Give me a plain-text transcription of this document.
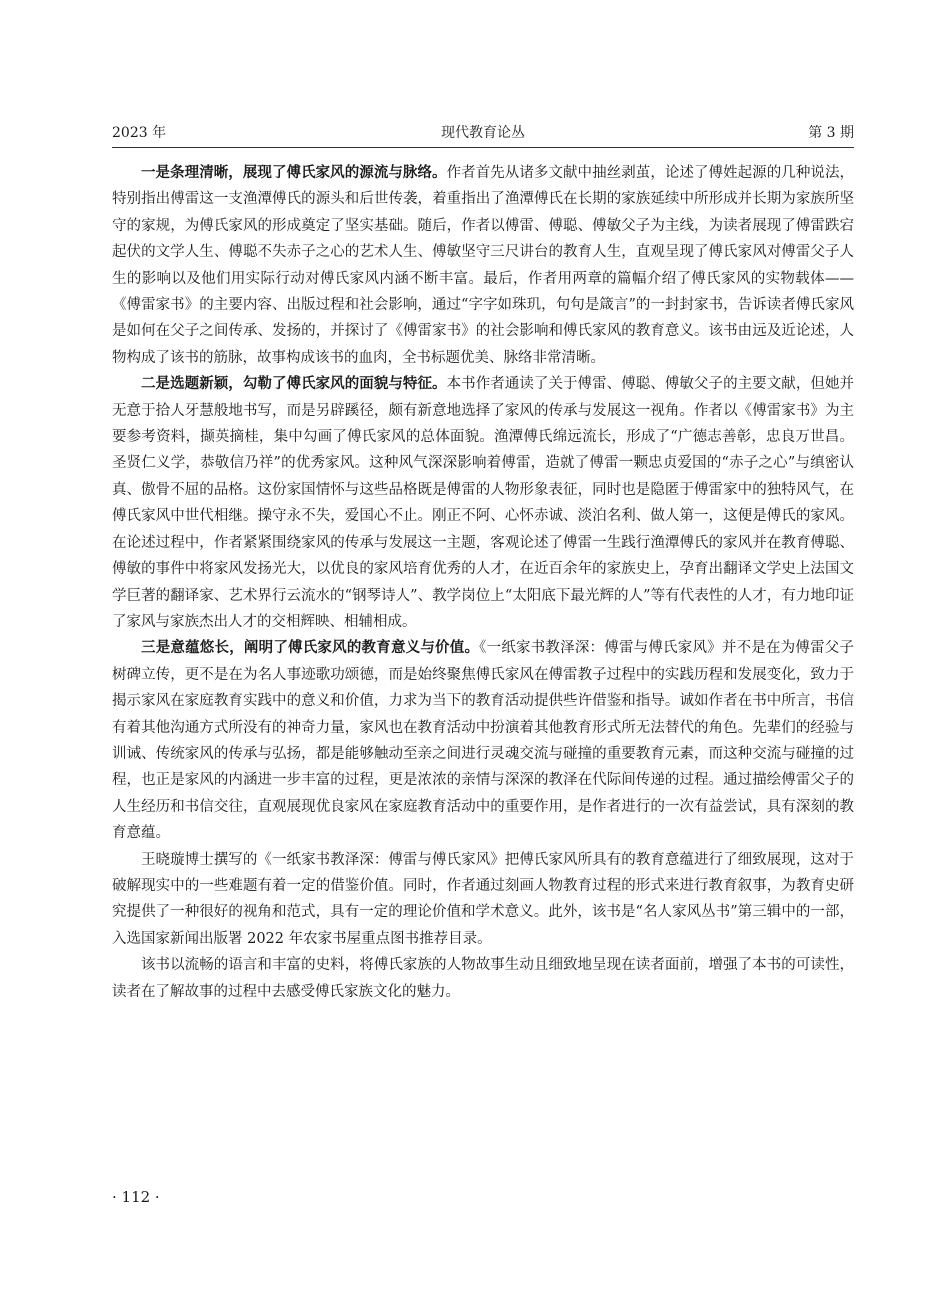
2023 年	现代教育论丛	第 3 期

一是条理清晰，展现了傅氏家风的源流与脉络。作者首先从诸多文献中抽丝剥茧，论述了傅姓起源的几种说法，特别指出傅雷这一支渔潭傅氏的源头和后世传袭，着重指出了渔潭傅氏在长期的家族延续中所形成并长期为家族所坚守的家规，为傅氏家风的形成奠定了坚实基础。随后，作者以傅雷、傅聪、傅敏父子为主线，为读者展现了傅雷跌宕起伏的文学人生、傅聪不失赤子之心的艺术人生、傅敏坚守三尺讲台的教育人生，直观呈现了傅氏家风对傅雷父子人生的影响以及他们用实际行动对傅氏家风内涵不断丰富。最后，作者用两章的篇幅介绍了傅氏家风的实物载体——《傅雷家书》的主要内容、出版过程和社会影响，通过“字字如珠玑，句句是箴言”的一封封家书，告诉读者傅氏家风是如何在父子之间传承、发扬的，并探讨了《傅雷家书》的社会影响和傅氏家风的教育意义。该书由远及近论述，人物构成了该书的筋脉，故事构成该书的血肉，全书标题优美、脉络非常清晰。

二是选题新颖，勾勒了傅氏家风的面貌与特征。本书作者通读了关于傅雷、傅聪、傅敏父子的主要文献，但她并无意于拾人牙慧般地书写，而是另辟蹊径，颇有新意地选择了家风的传承与发展这一视角。作者以《傅雷家书》为主要参考资料，撷英摘桂，集中勾画了傅氏家风的总体面貌。渔潭傅氏绵远流长，形成了“广德志善彰，忠良万世昌。圣贤仁义学，恭敬信乃祥”的优秀家风。这种风气深深影响着傅雷，造就了傅雷一颗忠贞爱国的“赤子之心”与缜密认真、傲骨不屈的品格。这份家国情怀与这些品格既是傅雷的人物形象表征，同时也是隐匿于傅雷家中的独特风气，在傅氏家风中世代相继。操守永不失，爱国心不止。刚正不阿、心怀赤诚、淡泊名利、做人第一，这便是傅氏的家风。在论述过程中，作者紧紧围绕家风的传承与发展这一主题，客观论述了傅雷一生践行渔潭傅氏的家风并在教育傅聪、傅敏的事件中将家风发扬光大，以优良的家风培育优秀的人才，在近百余年的家族史上，孕育出翻译文学史上法国文学巨著的翻译家、艺术界行云流水的“钢琴诗人”、教学岗位上“太阳底下最光辉的人”等有代表性的人才，有力地印证了家风与家族杰出人才的交相辉映、相辅相成。

三是意蕴悠长，阐明了傅氏家风的教育意义与价值。《一纸家书教泽深：傅雷与傅氏家风》并不是在为傅雷父子树碑立传，更不是在为名人事迹歌功颂德，而是始终聚焦傅氏家风在傅雷教子过程中的实践历程和发展变化，致力于揭示家风在家庭教育实践中的意义和价值，力求为当下的教育活动提供些许借鉴和指导。诚如作者在书中所言，书信有着其他沟通方式所没有的神奇力量，家风也在教育活动中扮演着其他教育形式所无法替代的角色。先辈们的经验与训诫、传统家风的传承与弘扬，都是能够触动至亲之间进行灵魂交流与碰撞的重要教育元素，而这种交流与碰撞的过程，也正是家风的内涵进一步丰富的过程，更是浓浓的亲情与深深的教泽在代际间传递的过程。通过描绘傅雷父子的人生经历和书信交往，直观展现优良家风在家庭教育活动中的重要作用，是作者进行的一次有益尝试，具有深刻的教育意蕴。

王晓璇博士撰写的《一纸家书教泽深：傅雷与傅氏家风》把傅氏家风所具有的教育意蕴进行了细致展现，这对于破解现实中的一些难题有着一定的借鉴价值。同时，作者通过刻画人物教育过程的形式来进行教育叙事，为教育史研究提供了一种很好的视角和范式，具有一定的理论价值和学术意义。此外，该书是“名人家风丛书”第三辑中的一部，入选国家新闻出版署 2022 年农家书屋重点图书推荐目录。

该书以流畅的语言和丰富的史料，将傅氏家族的人物故事生动且细致地呈现在读者面前，增强了本书的可读性，读者在了解故事的过程中去感受傅氏家族文化的魅力。

· 112 ·
